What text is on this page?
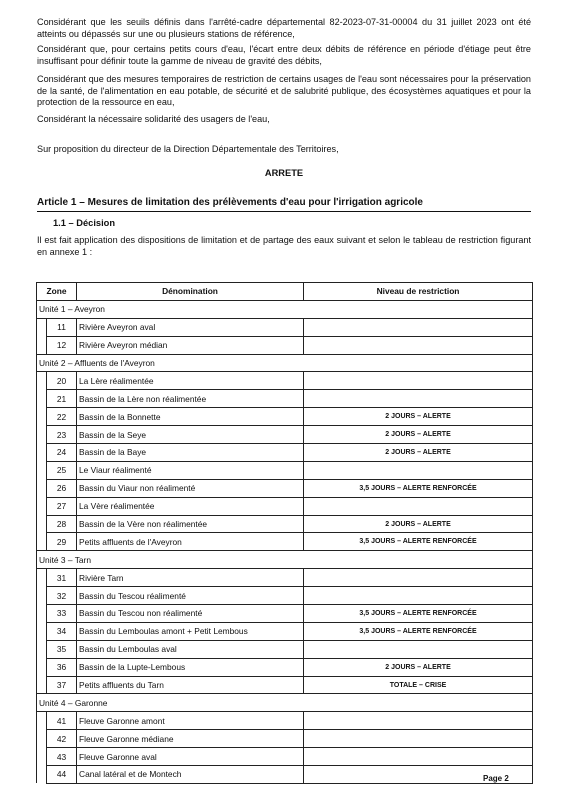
Considérant que les seuils définis dans l'arrêté-cadre départemental 82-2023-07-31-00004 du 31 juillet 2023 ont été atteints ou dépassés sur une ou plusieurs stations de référence,
Considérant que, pour certains petits cours d'eau, l'écart entre deux débits de référence en période d'étiage peut être insuffisant pour définir toute la gamme de niveau de gravité des débits,
Considérant que des mesures temporaires de restriction de certains usages de l'eau sont nécessaires pour la préservation de la santé, de l'alimentation en eau potable, de sécurité et de salubrité publique, des écosystèmes aquatiques et pour la protection de la ressource en eau,
Considérant la nécessaire solidarité des usagers de l'eau,
Sur proposition du directeur de la Direction Départementale des Territoires,
ARRETE
Article 1 – Mesures de limitation des prélèvements d'eau pour l'irrigation agricole
1.1 – Décision
Il est fait application des dispositions de limitation et de partage des eaux suivant et selon le tableau de restriction figurant en annexe 1 :
Zone		Dénomination	Niveau de restriction
Unité 1 – Aveyron			
	11	Rivière Aveyron aval	
	12	Rivière Aveyron médian	
Unité 2 – Affluents de l'Aveyron			
	20	La Lère réalimentée	
	21	Bassin de la Lère non réalimentée	
	22	Bassin de la Bonnette	2 JOURS – ALERTE
	23	Bassin de la Seye	2 JOURS – ALERTE
	24	Bassin de la Baye	2 JOURS – ALERTE
	25	Le Viaur réalimenté	
	26	Bassin du Viaur non réalimenté	3,5 JOURS – ALERTE RENFORCÉE
	27	La Vère réalimentée	
	28	Bassin de la Vère non réalimentée	2 JOURS – ALERTE
	29	Petits affluents de l'Aveyron	3,5 JOURS – ALERTE RENFORCÉE
Unité 3 – Tarn			
	31	Rivière Tarn	
	32	Bassin du Tescou réalimenté	
	33	Bassin du Tescou non réalimenté	3,5 JOURS – ALERTE RENFORCÉE
	34	Bassin du Lemboulas amont + Petit Lembous	3,5 JOURS – ALERTE RENFORCÉE
	35	Bassin du Lemboulas aval	
	36	Bassin de la Lupte-Lembous	2 JOURS – ALERTE
	37	Petits affluents du Tarn	TOTALE – CRISE
Unité 4 – Garonne			
	41	Fleuve Garonne amont	
	42	Fleuve Garonne médiane	
	43	Fleuve Garonne aval	
	44	Canal latéral et de Montech		Page 2
